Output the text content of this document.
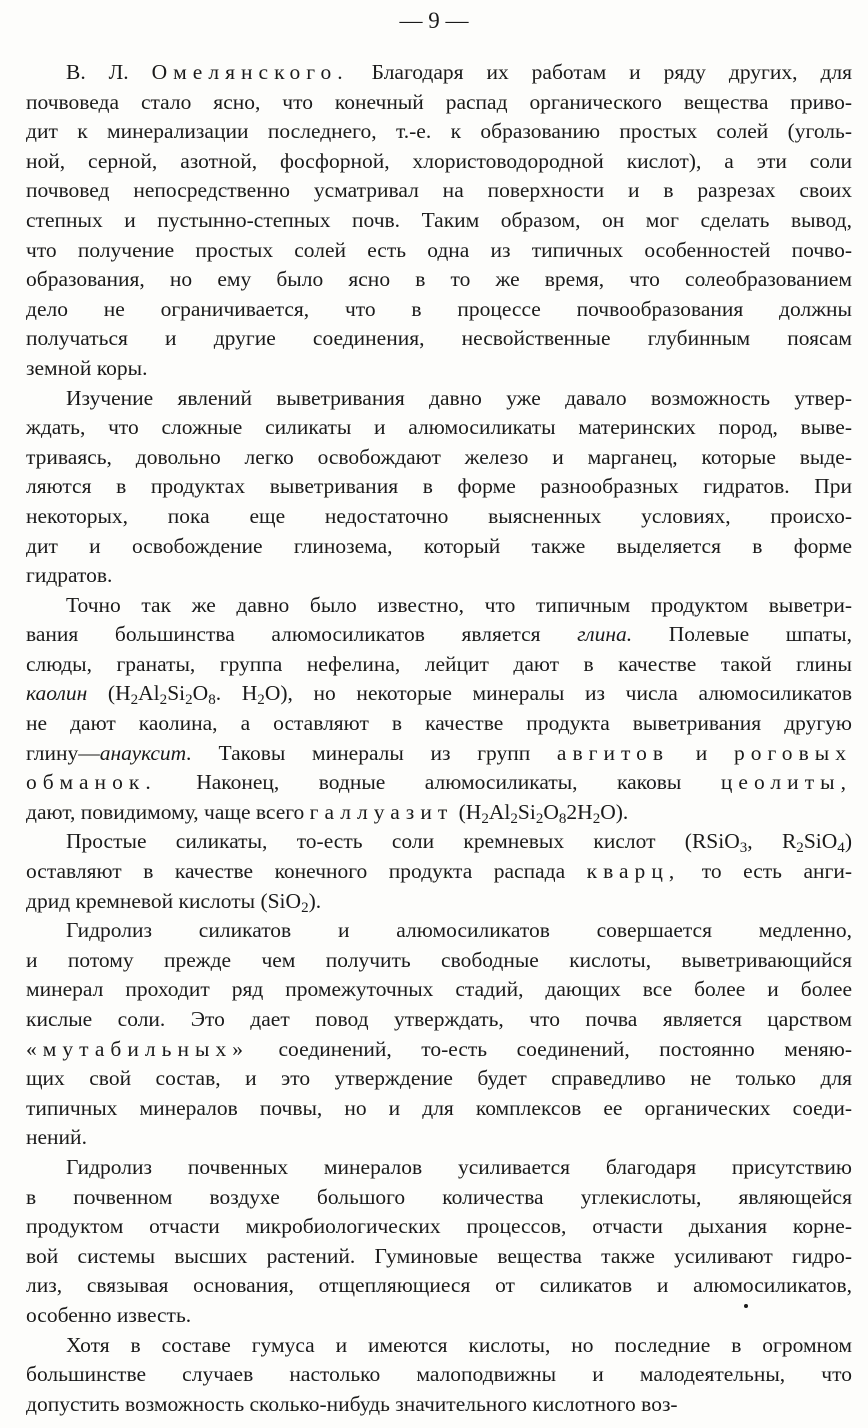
— 9 —
В. Л. Омелянского. Благодаря их работам и ряду других, для
почвоведа стало ясно, что конечный распад органического вещества приво-
дит к минерализации последнего, т.-е. к образованию простых солей (уголь-
ной, серной, азотной, фосфорной, хлористоводородной кислот), а эти соли
почвовед непосредственно усматривал на поверхности и в разрезах своих
степных и пустынно-степных почв. Таким образом, он мог сделать вывод,
что получение простых солей есть одна из типичных особенностей почво-
образования, но ему было ясно в то же время, что солеобразованием
дело не ограничивается, что в процессе почвообразования должны
получаться и другие соединения, несвойственные глубинным поясам
земной коры.
Изучение явлений выветривания давно уже давало возможность утвер-
ждать, что сложные силикаты и алюмосиликаты материнских пород, выве-
триваясь, довольно легко освобождают железо и марганец, которые выде-
ляются в продуктах выветривания в форме разнообразных гидратов. При
некоторых, пока еще недостаточно выясненных условиях, происхо-
дит и освобождение глинозема, который также выделяется в форме
гидратов.
Точно так же давно было известно, что типичным продуктом выветри-
вания большинства алюмосиликатов является глина. Полевые шпаты,
слюды, гранаты, группа нефелина, лейцит дают в качестве такой глины
каолин ($H_2Al_2Si_2O_8$. $H_2O$), но некоторые минералы из числа алюмосиликатов
не дают каолина, а оставляют в качестве продукта выветривания другую
глину—анауксит. Таковы минералы из групп авгитов и роговых
обманок. Наконец, водные алюмосиликаты, каковы цеолиты,
дают, повидимому, чаще всего галлуазит $(H_2Al_2Si_2O_82H_2O)$.
Простые силикаты, то-есть соли кремневых кислот (RSiO$_3$, $R_2SiO_4$)
оставляют в качестве конечного продукта распада кварц, то есть анги-
дрид кремневой кислоты (SiO$_2$).
Гидролиз силикатов и алюмосиликатов совершается медленно,
и потому прежде чем получить свободные кислоты, выветривающийся
минерал проходит ряд промежуточных стадий, дающих все более и более
кислые соли. Это дает повод утверждать, что почва является царством
«мутабильных» соединений, то-есть соединений, постоянно меняю-
щих свой состав, и это утверждение будет справедливо не только для
типичных минералов почвы, но и для комплексов ее органических соеди-
нений.
Гидролиз почвенных минералов усиливается благодаря присутствию
в почвенном воздухе большого количества углекислоты, являющейся
продуктом отчасти микробиологических процессов, отчасти дыхания корне-
вой системы высших растений. Гуминовые вещества также усиливают гидро-
лиз, связывая основания, отщепляющиеся от силикатов и алюмосиликатов,
особенно известь.
Хотя в составе гумуса и имеются кислоты, но последние в огромном
большинстве случаев настолько малоподвижны и малодеятельны, что
допустить возможность сколько-нибудь значительного кислотного воз-
